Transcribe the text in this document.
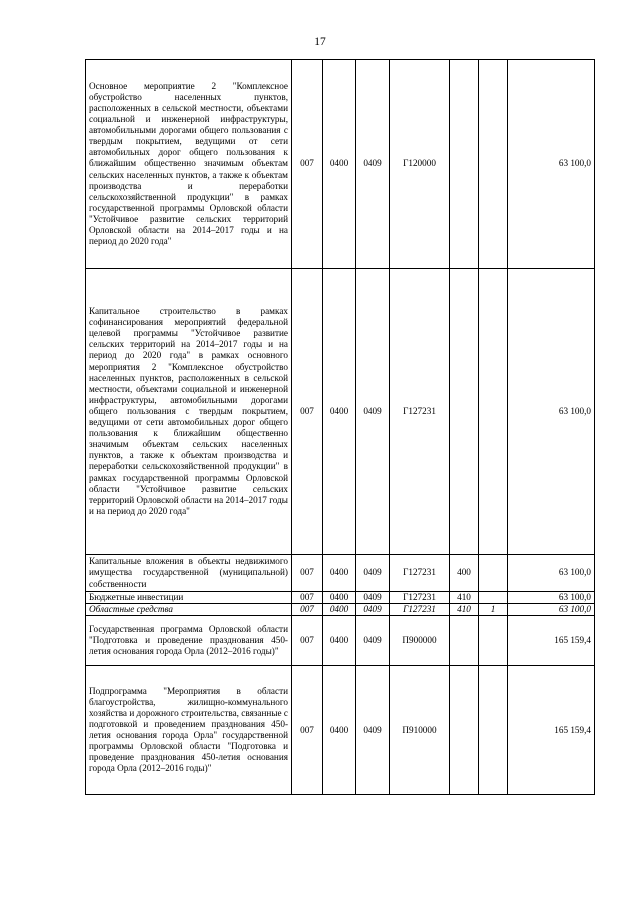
17
Основное мероприятие 2 "Комплексное обустройство населенных пунктов, расположенных в сельской местности, объектами социальной и инженерной инфраструктуры, автомобильными дорогами общего пользования с твердым покрытием, ведущими от сети автомобильных дорог общего пользования к ближайшим общественно значимым объектам сельских населенных пунктов, а также к объектам производства и переработки сельскохозяйственной продукции" в рамках государственной программы Орловской области "Устойчивое развитие сельских территорий Орловской области на 2014–2017 годы и на период до 2020 года"	007	0400	0409	Г120000			63 100,0
Капитальное строительство в рамках софинансирования мероприятий федеральной целевой программы "Устойчивое развитие сельских территорий на 2014–2017 годы и на период до 2020 года" в рамках основного мероприятия 2 "Комплексное обустройство населенных пунктов, расположенных в сельской местности, объектами социальной и инженерной инфраструктуры, автомобильными дорогами общего пользования с твердым покрытием, ведущими от сети автомобильных дорог общего пользования к ближайшим общественно значимым объектам сельских населенных пунктов, а также к объектам производства и переработки сельскохозяйственной продукции" в рамках государственной программы Орловской области "Устойчивое развитие сельских территорий Орловской области на 2014–2017 годы и на период до 2020 года"	007	0400	0409	Г127231			63 100,0
Капитальные вложения в объекты недвижимого имущества государственной (муниципальной) собственности	007	0400	0409	Г127231	400		63 100,0
Бюджетные инвестиции	007	0400	0409	Г127231	410		63 100,0
Областные средства	007	0400	0409	Г127231	410	1	63 100,0
Государственная программа Орловской области "Подготовка и проведение празднования 450-летия основания города Орла (2012–2016 годы)"	007	0400	0409	П900000			165 159,4
Подпрограмма "Мероприятия в области благоустройства, жилищно-коммунального хозяйства и дорожного строительства, связанные с подготовкой и проведением празднования 450-летия основания города Орла" государственной программы Орловской области "Подготовка и проведение празднования 450-летия основания города Орла (2012–2016 годы)"	007	0400	0409	П910000			165 159,4
